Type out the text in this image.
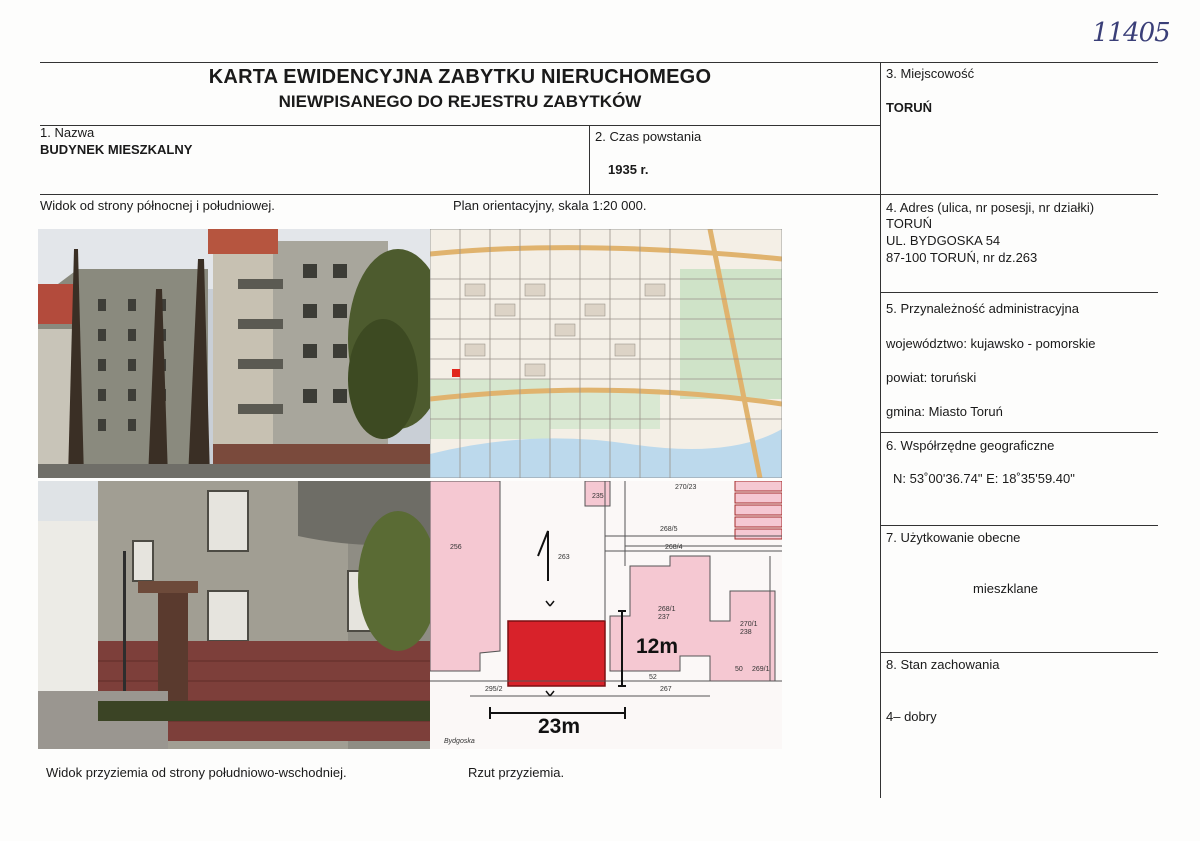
11405
KARTA EWIDENCYJNA ZABYTKU NIERUCHOMEGO
NIEWPISANEGO DO REJESTRU ZABYTKÓW
1. Nazwa
BUDYNEK MIESZKALNY
2. Czas powstania
1935 r.
3. Miejscowość
TORUŃ
4. Adres (ulica, nr posesji, nr działki)
TORUŃ
UL. BYDGOSKA 54
87-100 TORUŃ, nr dz.263
5. Przynależność administracyjna
województwo: kujawsko - pomorskie
powiat: toruński
gmina: Miasto Toruń
6. Współrzędne geograficzne
N: 53˚00'36.74" E: 18˚35'59.40"
7. Użytkowanie obecne
mieszklane
8. Stan zachowania
4– dobry
Widok od strony północnej i południowej.	Plan orientacyjny, skala 1:20 000.
Widok przyziemia od strony południowo-wschodniej.	Rzut przyziemia.
12m
23m
256
263
268/5
268/4
268/1
237
270/1
238
270/23
52
295/2	267
50
235
269/1
Bydgoska
